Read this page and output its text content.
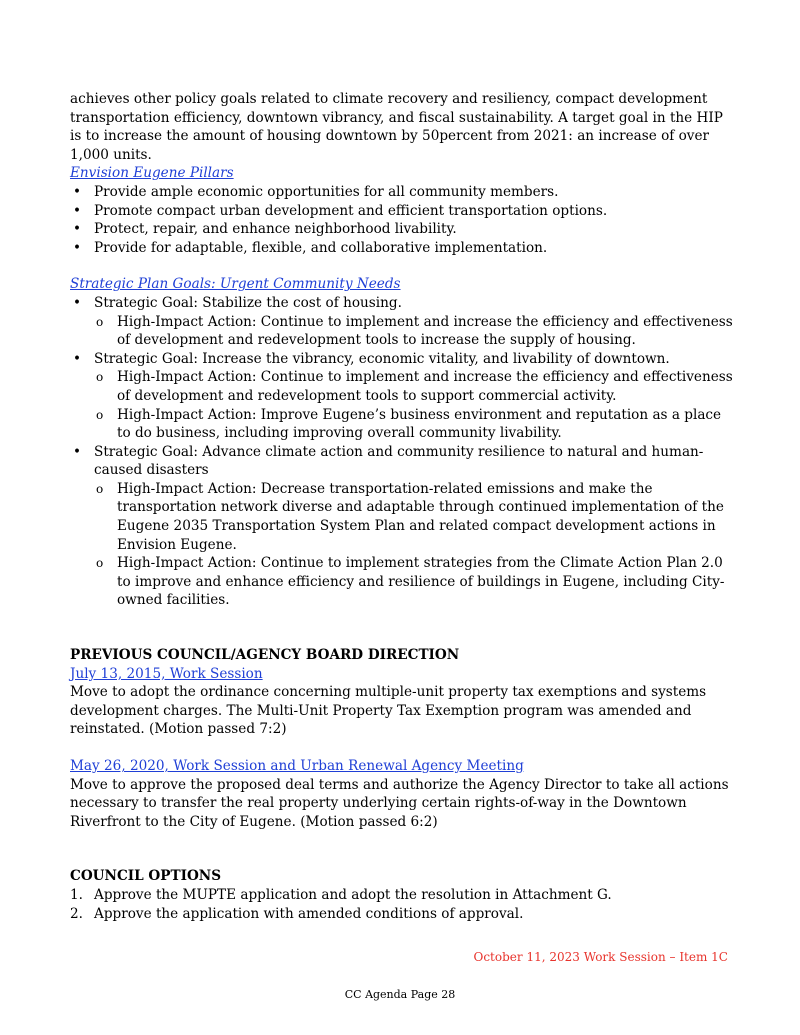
achieves other policy goals related to climate recovery and resiliency, compact development transportation efficiency, downtown vibrancy, and fiscal sustainability. A target goal in the HIP is to increase the amount of housing downtown by 50percent from 2021: an increase of over 1,000 units.

Envision Eugene Pillars

• Provide ample economic opportunities for all community members.
• Promote compact urban development and efficient transportation options.
• Protect, repair, and enhance neighborhood livability.
• Provide for adaptable, flexible, and collaborative implementation.

Strategic Plan Goals: Urgent Community Needs

• Strategic Goal: Stabilize the cost of housing.
o High-Impact Action: Continue to implement and increase the efficiency and effectiveness of development and redevelopment tools to increase the supply of housing.
• Strategic Goal: Increase the vibrancy, economic vitality, and livability of downtown.
o High-Impact Action: Continue to implement and increase the efficiency and effectiveness of development and redevelopment tools to support commercial activity.
o High-Impact Action: Improve Eugene’s business environment and reputation as a place to do business, including improving overall community livability.
• Strategic Goal: Advance climate action and community resilience to natural and human-caused disasters
o High-Impact Action: Decrease transportation-related emissions and make the transportation network diverse and adaptable through continued implementation of the Eugene 2035 Transportation System Plan and related compact development actions in Envision Eugene.
o High-Impact Action: Continue to implement strategies from the Climate Action Plan 2.0 to improve and enhance efficiency and resilience of buildings in Eugene, including City-owned facilities.

PREVIOUS COUNCIL/AGENCY BOARD DIRECTION

July 13, 2015, Work Session

Move to adopt the ordinance concerning multiple-unit property tax exemptions and systems development charges. The Multi-Unit Property Tax Exemption program was amended and reinstated. (Motion passed 7:2)

May 26, 2020, Work Session and Urban Renewal Agency Meeting

Move to approve the proposed deal terms and authorize the Agency Director to take all actions necessary to transfer the real property underlying certain rights-of-way in the Downtown Riverfront to the City of Eugene. (Motion passed 6:2)

COUNCIL OPTIONS

1. Approve the MUPTE application and adopt the resolution in Attachment G.
2. Approve the application with amended conditions of approval.
October 11, 2023 Work Session – Item 1C
CC Agenda Page 28
